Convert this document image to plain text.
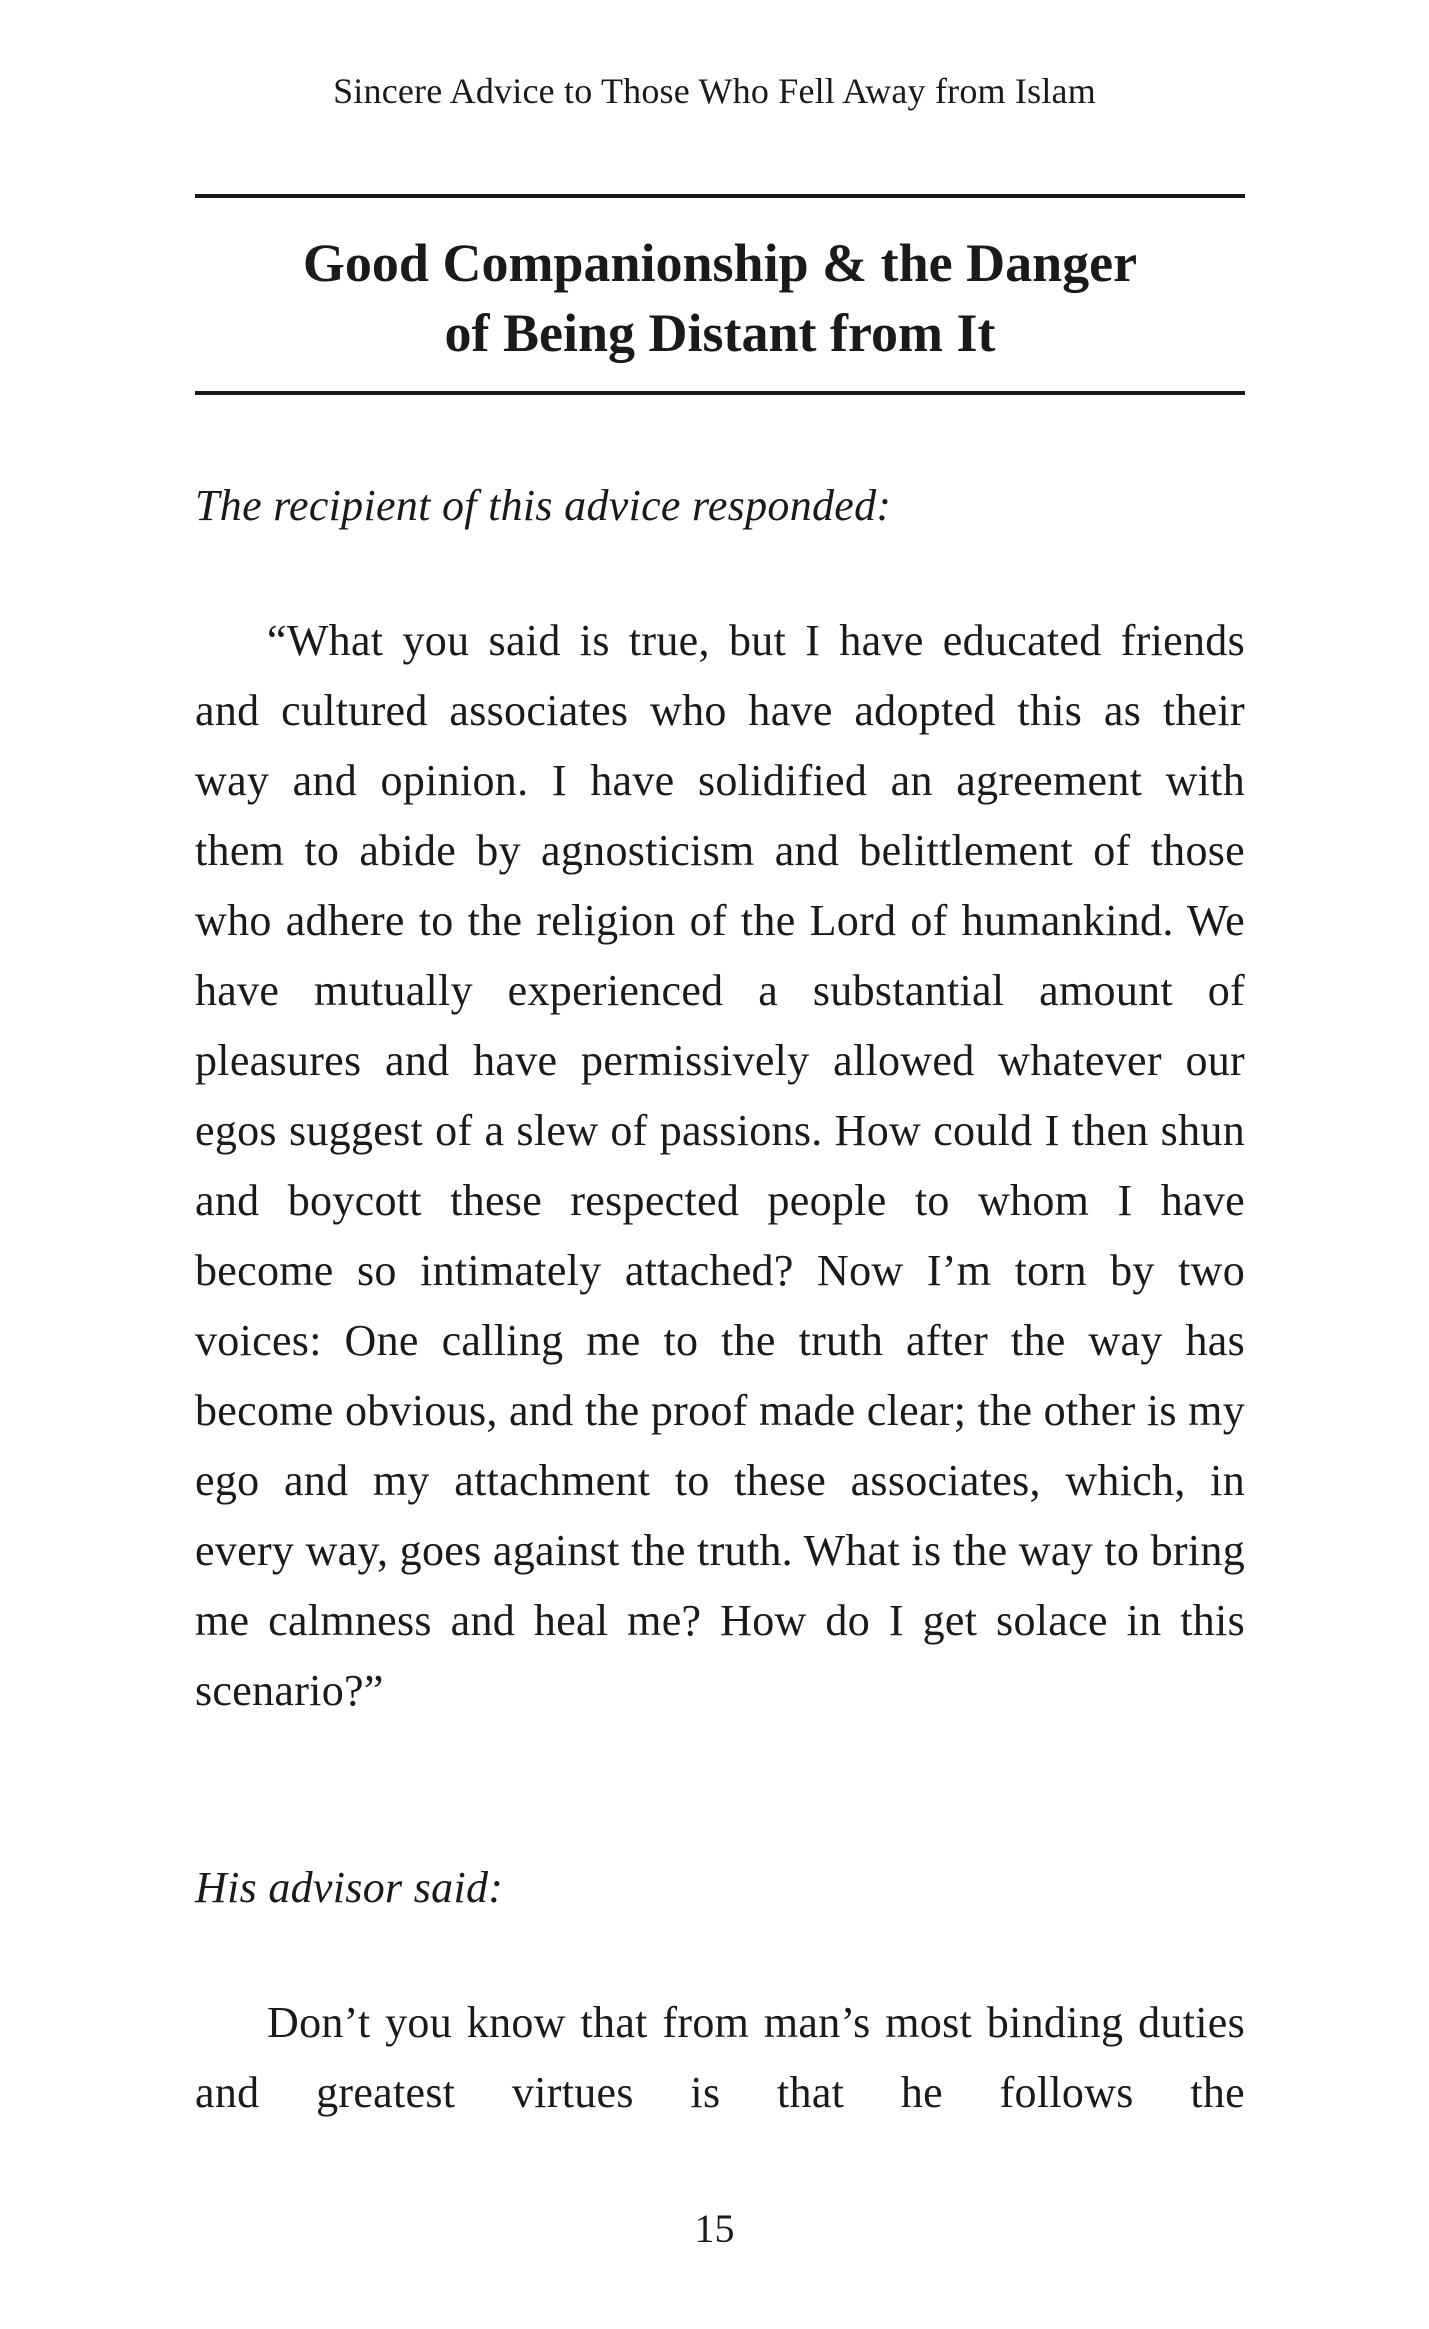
Sincere Advice to Those Who Fell Away from Islam
Good Companionship & the Danger
of Being Distant from It

The recipient of this advice responded:

“What you said is true, but I have educated friends and cultured associates who have adopted this as their way and opinion. I have solidified an agreement with them to abide by agnosticism and belittlement of those who adhere to the religion of the Lord of humankind. We have mutually experienced a substantial amount of pleasures and have permissively allowed whatever our egos suggest of a slew of passions. How could I then shun and boycott these respected people to whom I have become so intimately attached? Now I’m torn by two voices: One calling me to the truth after the way has become obvious, and the proof made clear; the other is my ego and my attachment to these associates, which, in every way, goes against the truth. What is the way to bring me calmness and heal me? How do I get solace in this scenario?”

His advisor said:

Don’t you know that from man’s most binding duties and greatest virtues is that he follows the

15
